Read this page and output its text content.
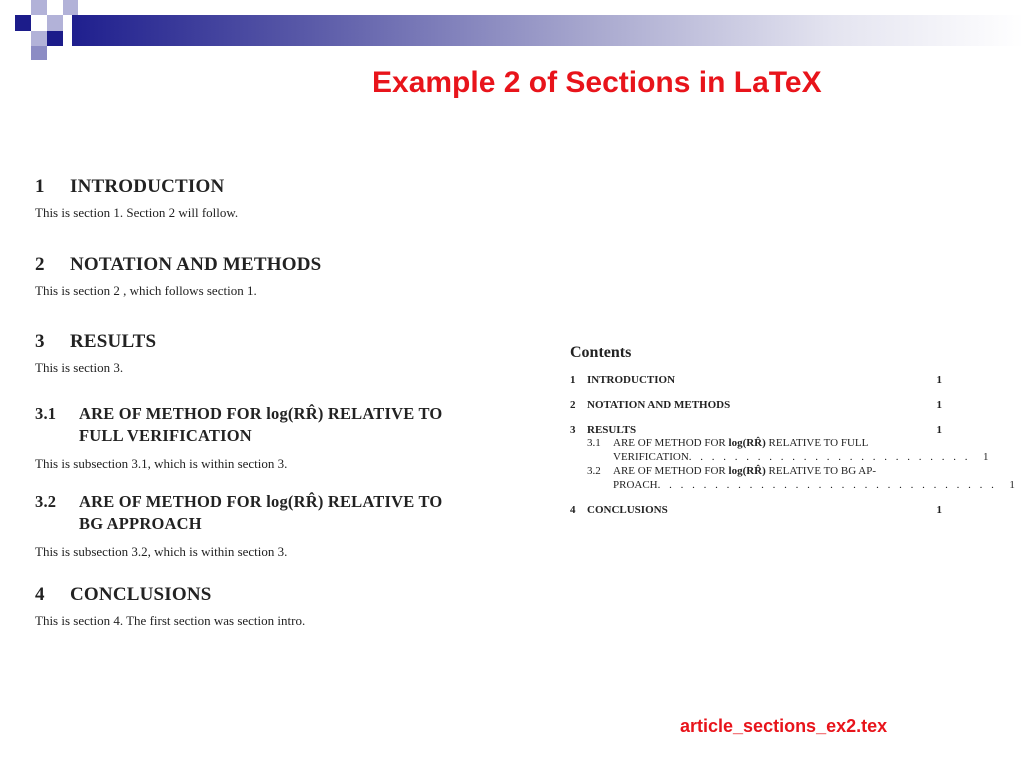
Example 2 of Sections in LaTeX
1	INTRODUCTION
This is section 1. Section 2 will follow.
2	NOTATION AND METHODS
This is section 2 , which follows section 1.
3	RESULTS
This is section 3.
3.1	ARE OF METHOD FOR log(RR̂) RELATIVE TO
FULL VERIFICATION
This is subsection 3.1, which is within section 3.
3.2	ARE OF METHOD FOR log(RR̂) RELATIVE TO
BG APPROACH
This is subsection 3.2, which is within section 3.
4	CONCLUSIONS
This is section 4. The first section was section intro.
Contents
1	INTRODUCTION	1
2	NOTATION AND METHODS	1
3	RESULTS	1
3.1	ARE OF METHOD FOR log(RR̂) RELATIVE TO FULL
VERIFICATION . . . . . . . . . . . . . . . . . . . . . . . . .	1
3.2	ARE OF METHOD FOR log(RR̂) RELATIVE TO BG AP-
PROACH . . . . . . . . . . . . . . . . . . . . . . . . . . . . . .	1
4	CONCLUSIONS	1
article_sections_ex2.tex
